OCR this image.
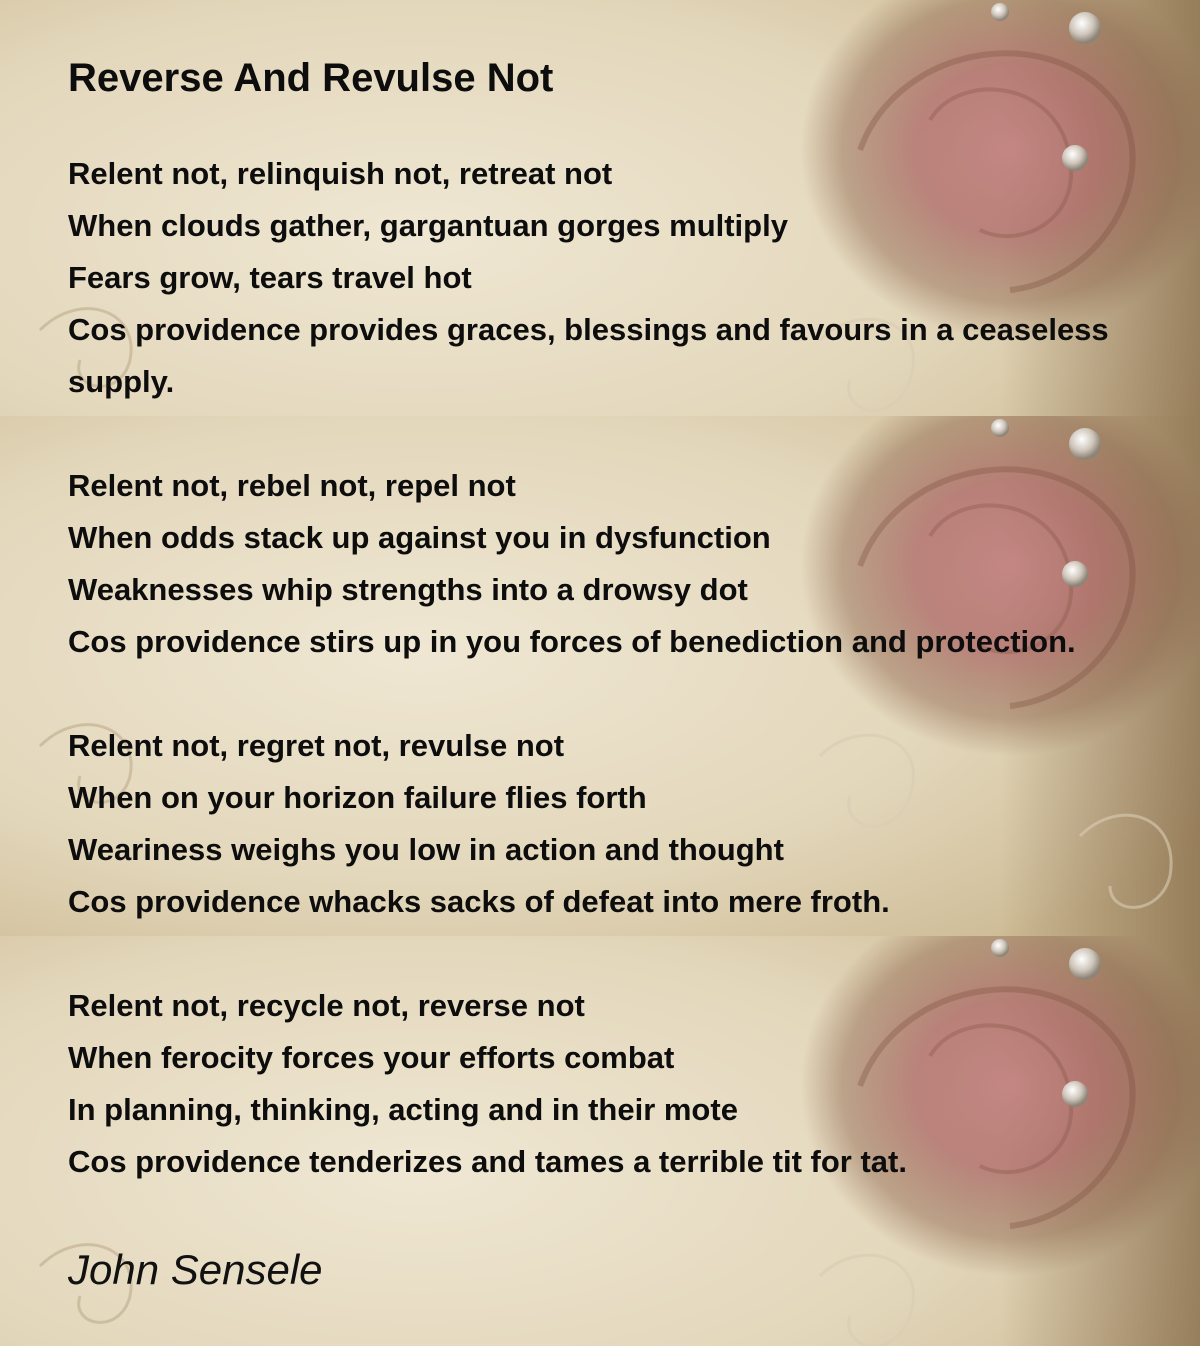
Reverse And Revulse Not
Relent not, relinquish not, retreat not
When clouds gather, gargantuan gorges multiply
Fears grow, tears travel hot
Cos providence provides graces, blessings and favours in a ceaseless supply.
Relent not, rebel not, repel not
When odds stack up against you in dysfunction
Weaknesses whip strengths into a drowsy dot
Cos providence stirs up in you forces of benediction and protection.
Relent not, regret not, revulse not
When on your horizon failure flies forth
Weariness weighs you low in action and thought
Cos providence whacks sacks of defeat into mere froth.
Relent not, recycle not, reverse not
When ferocity forces your efforts combat
In planning, thinking, acting and in their mote
Cos providence tenderizes and tames a terrible tit for tat.
John Sensele
